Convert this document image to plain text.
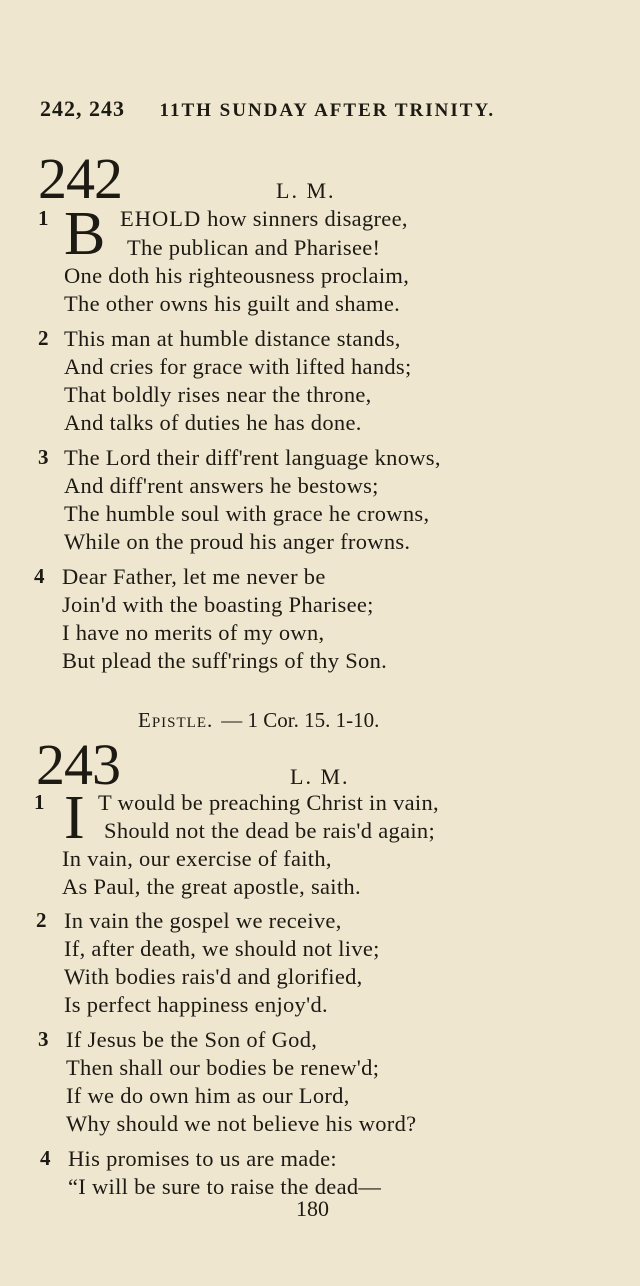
242, 243 11TH SUNDAY AFTER TRINITY.
242	L. M.
1 B EHOLD how sinners disagree,
The publican and Pharisee!
One doth his righteousness proclaim,
The other owns his guilt and shame.
2 This man at humble distance stands,
And cries for grace with lifted hands;
That boldly rises near the throne,
And talks of duties he has done.
3 The Lord their diff'rent language knows,
And diff'rent answers he bestows;
The humble soul with grace he crowns,
While on the proud his anger frowns.
4 Dear Father, let me never be
Join'd with the boasting Pharisee;
I have no merits of my own,
But plead the suff'rings of thy Son.
Epistle. — 1 Cor. 15. 1-10.
243	L. M.
1 I T would be preaching Christ in vain,
Should not the dead be rais'd again;
In vain, our exercise of faith,
As Paul, the great apostle, saith.
2 In vain the gospel we receive,
If, after death, we should not live;
With bodies rais'd and glorified,
Is perfect happiness enjoy'd.
3 If Jesus be the Son of God,
Then shall our bodies be renew'd;
If we do own him as our Lord,
Why should we not believe his word?
4 His promises to us are made:
“I will be sure to raise the dead—
180
